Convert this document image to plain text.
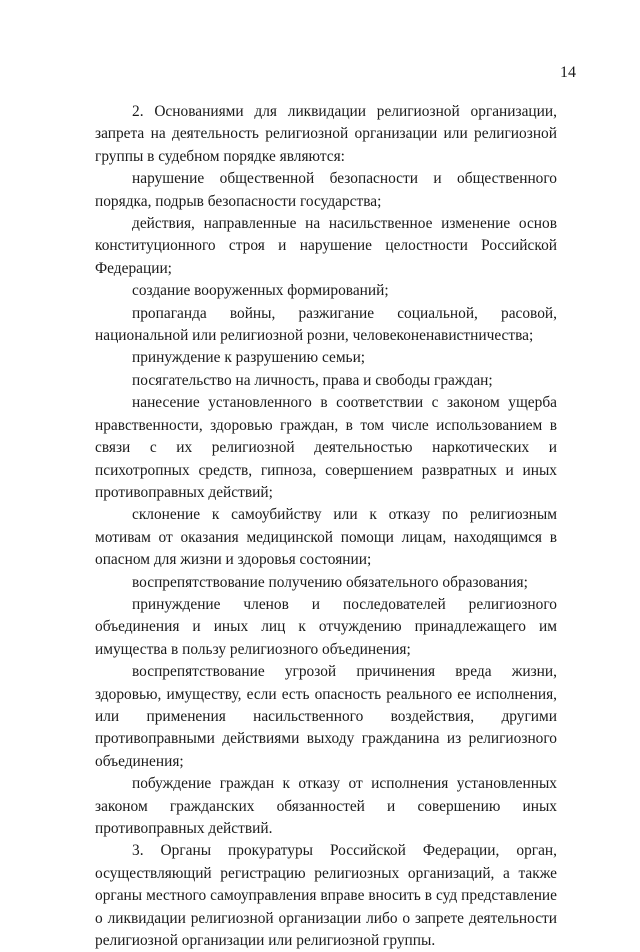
14

2. Основаниями для ликвидации религиозной организации, запрета на деятельность религиозной организации или религиозной группы в судебном порядке являются:

нарушение общественной безопасности и общественного порядка, подрыв безопасности государства;

действия, направленные на насильственное изменение основ конституционного строя и нарушение целостности Российской Федерации;

создание вооруженных формирований;

пропаганда войны, разжигание социальной, расовой, национальной или религиозной розни, человеконенавистничества;

принуждение к разрушению семьи;

посягательство на личность, права и свободы граждан;

нанесение установленного в соответствии с законом ущерба нравственности, здоровью граждан, в том числе использованием в связи с их религиозной деятельностью наркотических и психотропных средств, гипноза, совершением развратных и иных противоправных действий;

склонение к самоубийству или к отказу по религиозным мотивам от оказания медицинской помощи лицам, находящимся в опасном для жизни и здоровья состоянии;

воспрепятствование получению обязательного образования;

принуждение членов и последователей религиозного объединения и иных лиц к отчуждению принадлежащего им имущества в пользу религиозного объединения;

воспрепятствование угрозой причинения вреда жизни, здоровью, имуществу, если есть опасность реального ее исполнения, или применения насильственного воздействия, другими противоправными действиями выходу гражданина из религиозного объединения;

побуждение граждан к отказу от исполнения установленных законом гражданских обязанностей и совершению иных противоправных действий.

3. Органы прокуратуры Российской Федерации, орган, осуществляющий регистрацию религиозных организаций, а также органы местного самоуправления вправе вносить в суд представление о ликвидации религиозной организации либо о запрете деятельности религиозной организации или религиозной группы.
